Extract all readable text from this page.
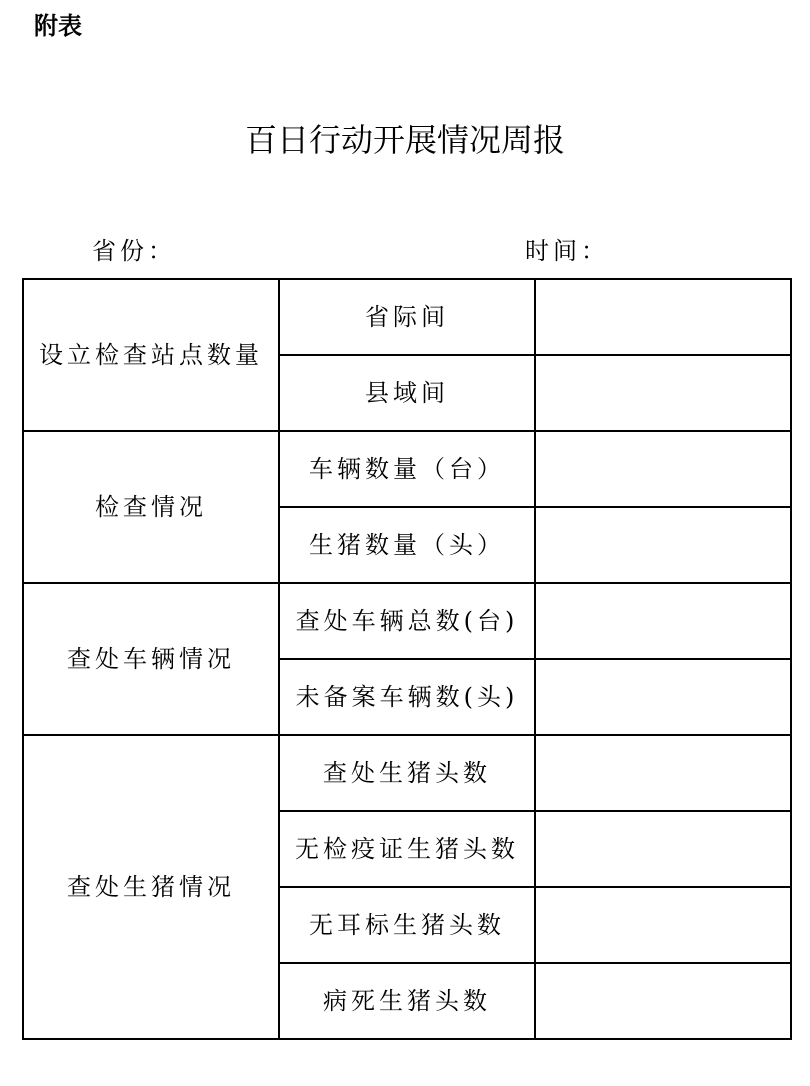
附表
百日行动开展情况周报
省份：	时间：
设立检查站点数量	省际间	
	县域间	
检查情况	车辆数量（台）	
	生猪数量（头）	
查处车辆情况	查处车辆总数(台)	
	未备案车辆数(头)	
查处生猪情况	查处生猪头数	
	无检疫证生猪头数	
	无耳标生猪头数	
	病死生猪头数	
